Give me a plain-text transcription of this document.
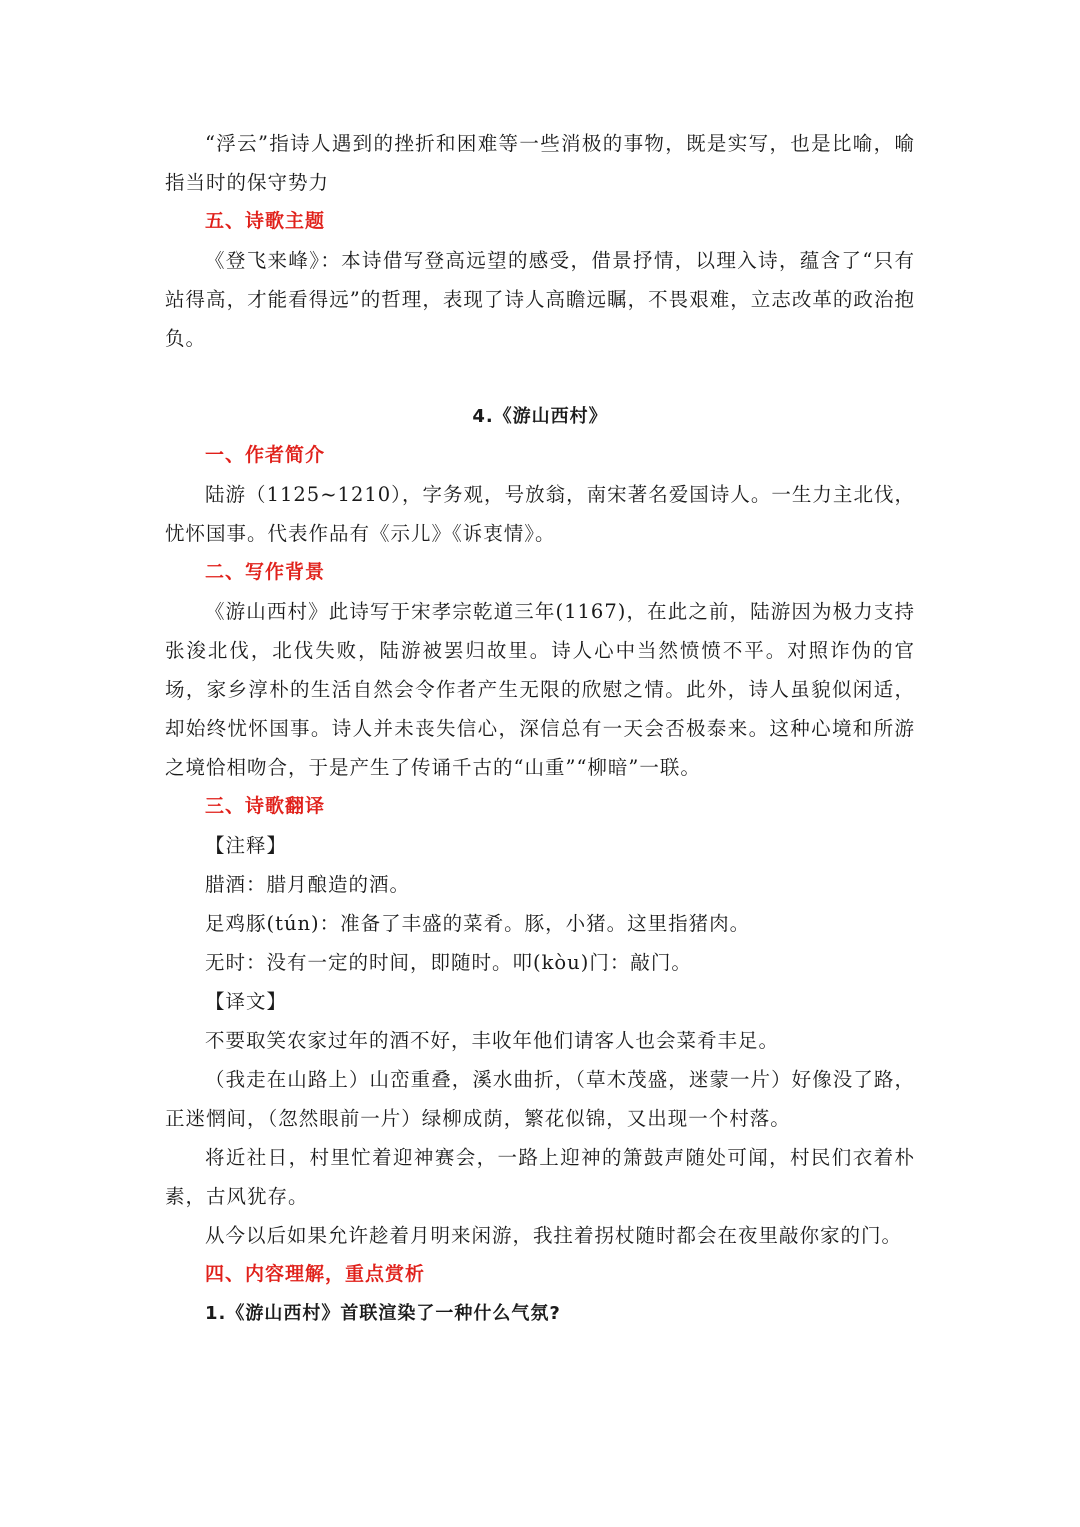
“浮云”指诗人遇到的挫折和困难等一些消极的事物，既是实写，也是比喻，喻指当时的保守势力

五、诗歌主题

《登飞来峰》：本诗借写登高远望的感受，借景抒情，以理入诗，蕴含了“只有站得高，才能看得远”的哲理，表现了诗人高瞻远瞩，不畏艰难，立志改革的政治抱负。

4.《游山西村》

一、作者简介

陆游（1125~1210），字务观，号放翁，南宋著名爱国诗人。一生力主北伐，忧怀国事。代表作品有《示儿》《诉衷情》。

二、写作背景

《游山西村》此诗写于宋孝宗乾道三年(1167)，在此之前，陆游因为极力支持张浚北伐，北伐失败，陆游被罢归故里。诗人心中当然愤愤不平。对照诈伪的官场，家乡淳朴的生活自然会令作者产生无限的欣慰之情。此外，诗人虽貌似闲适，却始终忧怀国事。诗人并未丧失信心，深信总有一天会否极泰来。这种心境和所游之境恰相吻合，于是产生了传诵千古的“山重”“柳暗”一联。

三、诗歌翻译

【注释】

腊酒：腊月酿造的酒。

足鸡豚(tún)：准备了丰盛的菜肴。豚，小猪。这里指猪肉。

无时：没有一定的时间，即随时。叩(kòu)门：敲门。

【译文】

不要取笑农家过年的酒不好，丰收年他们请客人也会菜肴丰足。

（我走在山路上）山峦重叠，溪水曲折，（草木茂盛，迷蒙一片）好像没了路，正迷惘间，（忽然眼前一片）绿柳成荫，繁花似锦，又出现一个村落。

将近社日，村里忙着迎神赛会，一路上迎神的箫鼓声随处可闻，村民们衣着朴素，古风犹存。

从今以后如果允许趁着月明来闲游，我拄着拐杖随时都会在夜里敲你家的门。

四、内容理解，重点赏析

1.《游山西村》首联渲染了一种什么气氛?
